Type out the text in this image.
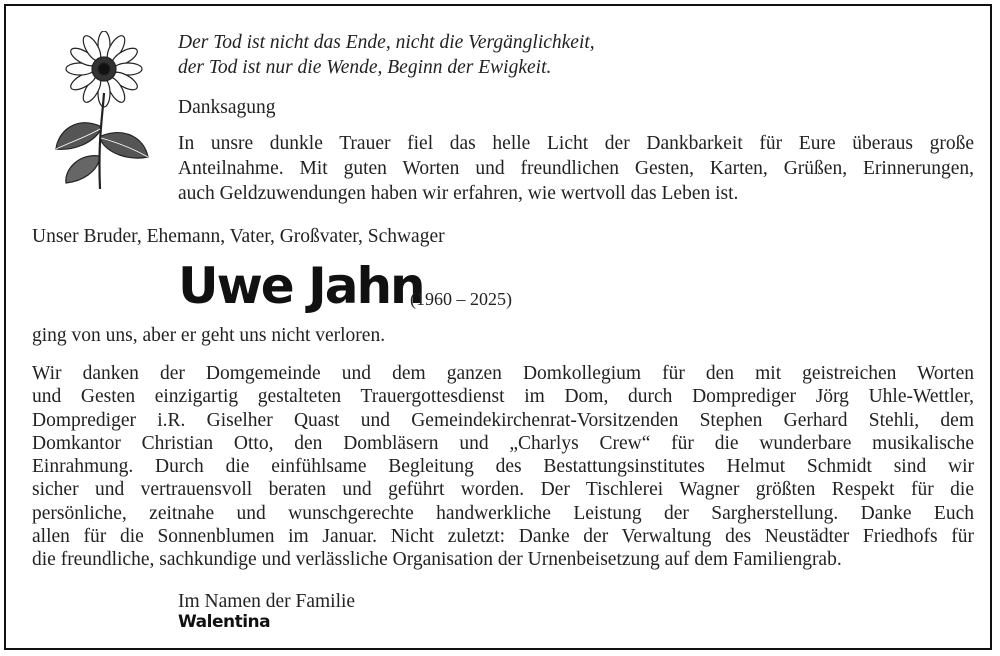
Der Tod ist nicht das Ende, nicht die Vergänglichkeit,
der Tod ist nur die Wende, Beginn der Ewigkeit.
Danksagung
In unsre dunkle Trauer fiel das helle Licht der Dankbarkeit für Eure überaus große
Anteilnahme. Mit guten Worten und freundlichen Gesten, Karten, Grüßen, Erinnerungen,
auch Geldzuwendungen haben wir erfahren, wie wertvoll das Leben ist.
Unser Bruder, Ehemann, Vater, Großvater, Schwager
Uwe Jahn
(1960 – 2025)
ging von uns, aber er geht uns nicht verloren.
Wir danken der Domgemeinde und dem ganzen Domkollegium für den mit geistreichen Worten
und Gesten einzigartig gestalteten Trauergottesdienst im Dom, durch Domprediger Jörg Uhle-Wettler,
Domprediger i.R. Giselher Quast und Gemeindekirchenrat-Vorsitzenden Stephen Gerhard Stehli, dem
Domkantor Christian Otto, den Dombläsern und „Charlys Crew“ für die wunderbare musikalische
Einrahmung. Durch die einfühlsame Begleitung des Bestattungsinstitutes Helmut Schmidt sind wir
sicher und vertrauensvoll beraten und geführt worden. Der Tischlerei Wagner größten Respekt für die
persönliche, zeitnahe und wunschgerechte handwerkliche Leistung der Sargherstellung. Danke Euch
allen für die Sonnenblumen im Januar. Nicht zuletzt: Danke der Verwaltung des Neustädter Friedhofs für
die freundliche, sachkundige und verlässliche Organisation der Urnenbeisetzung auf dem Familiengrab.
Im Namen der Familie
Walentina
